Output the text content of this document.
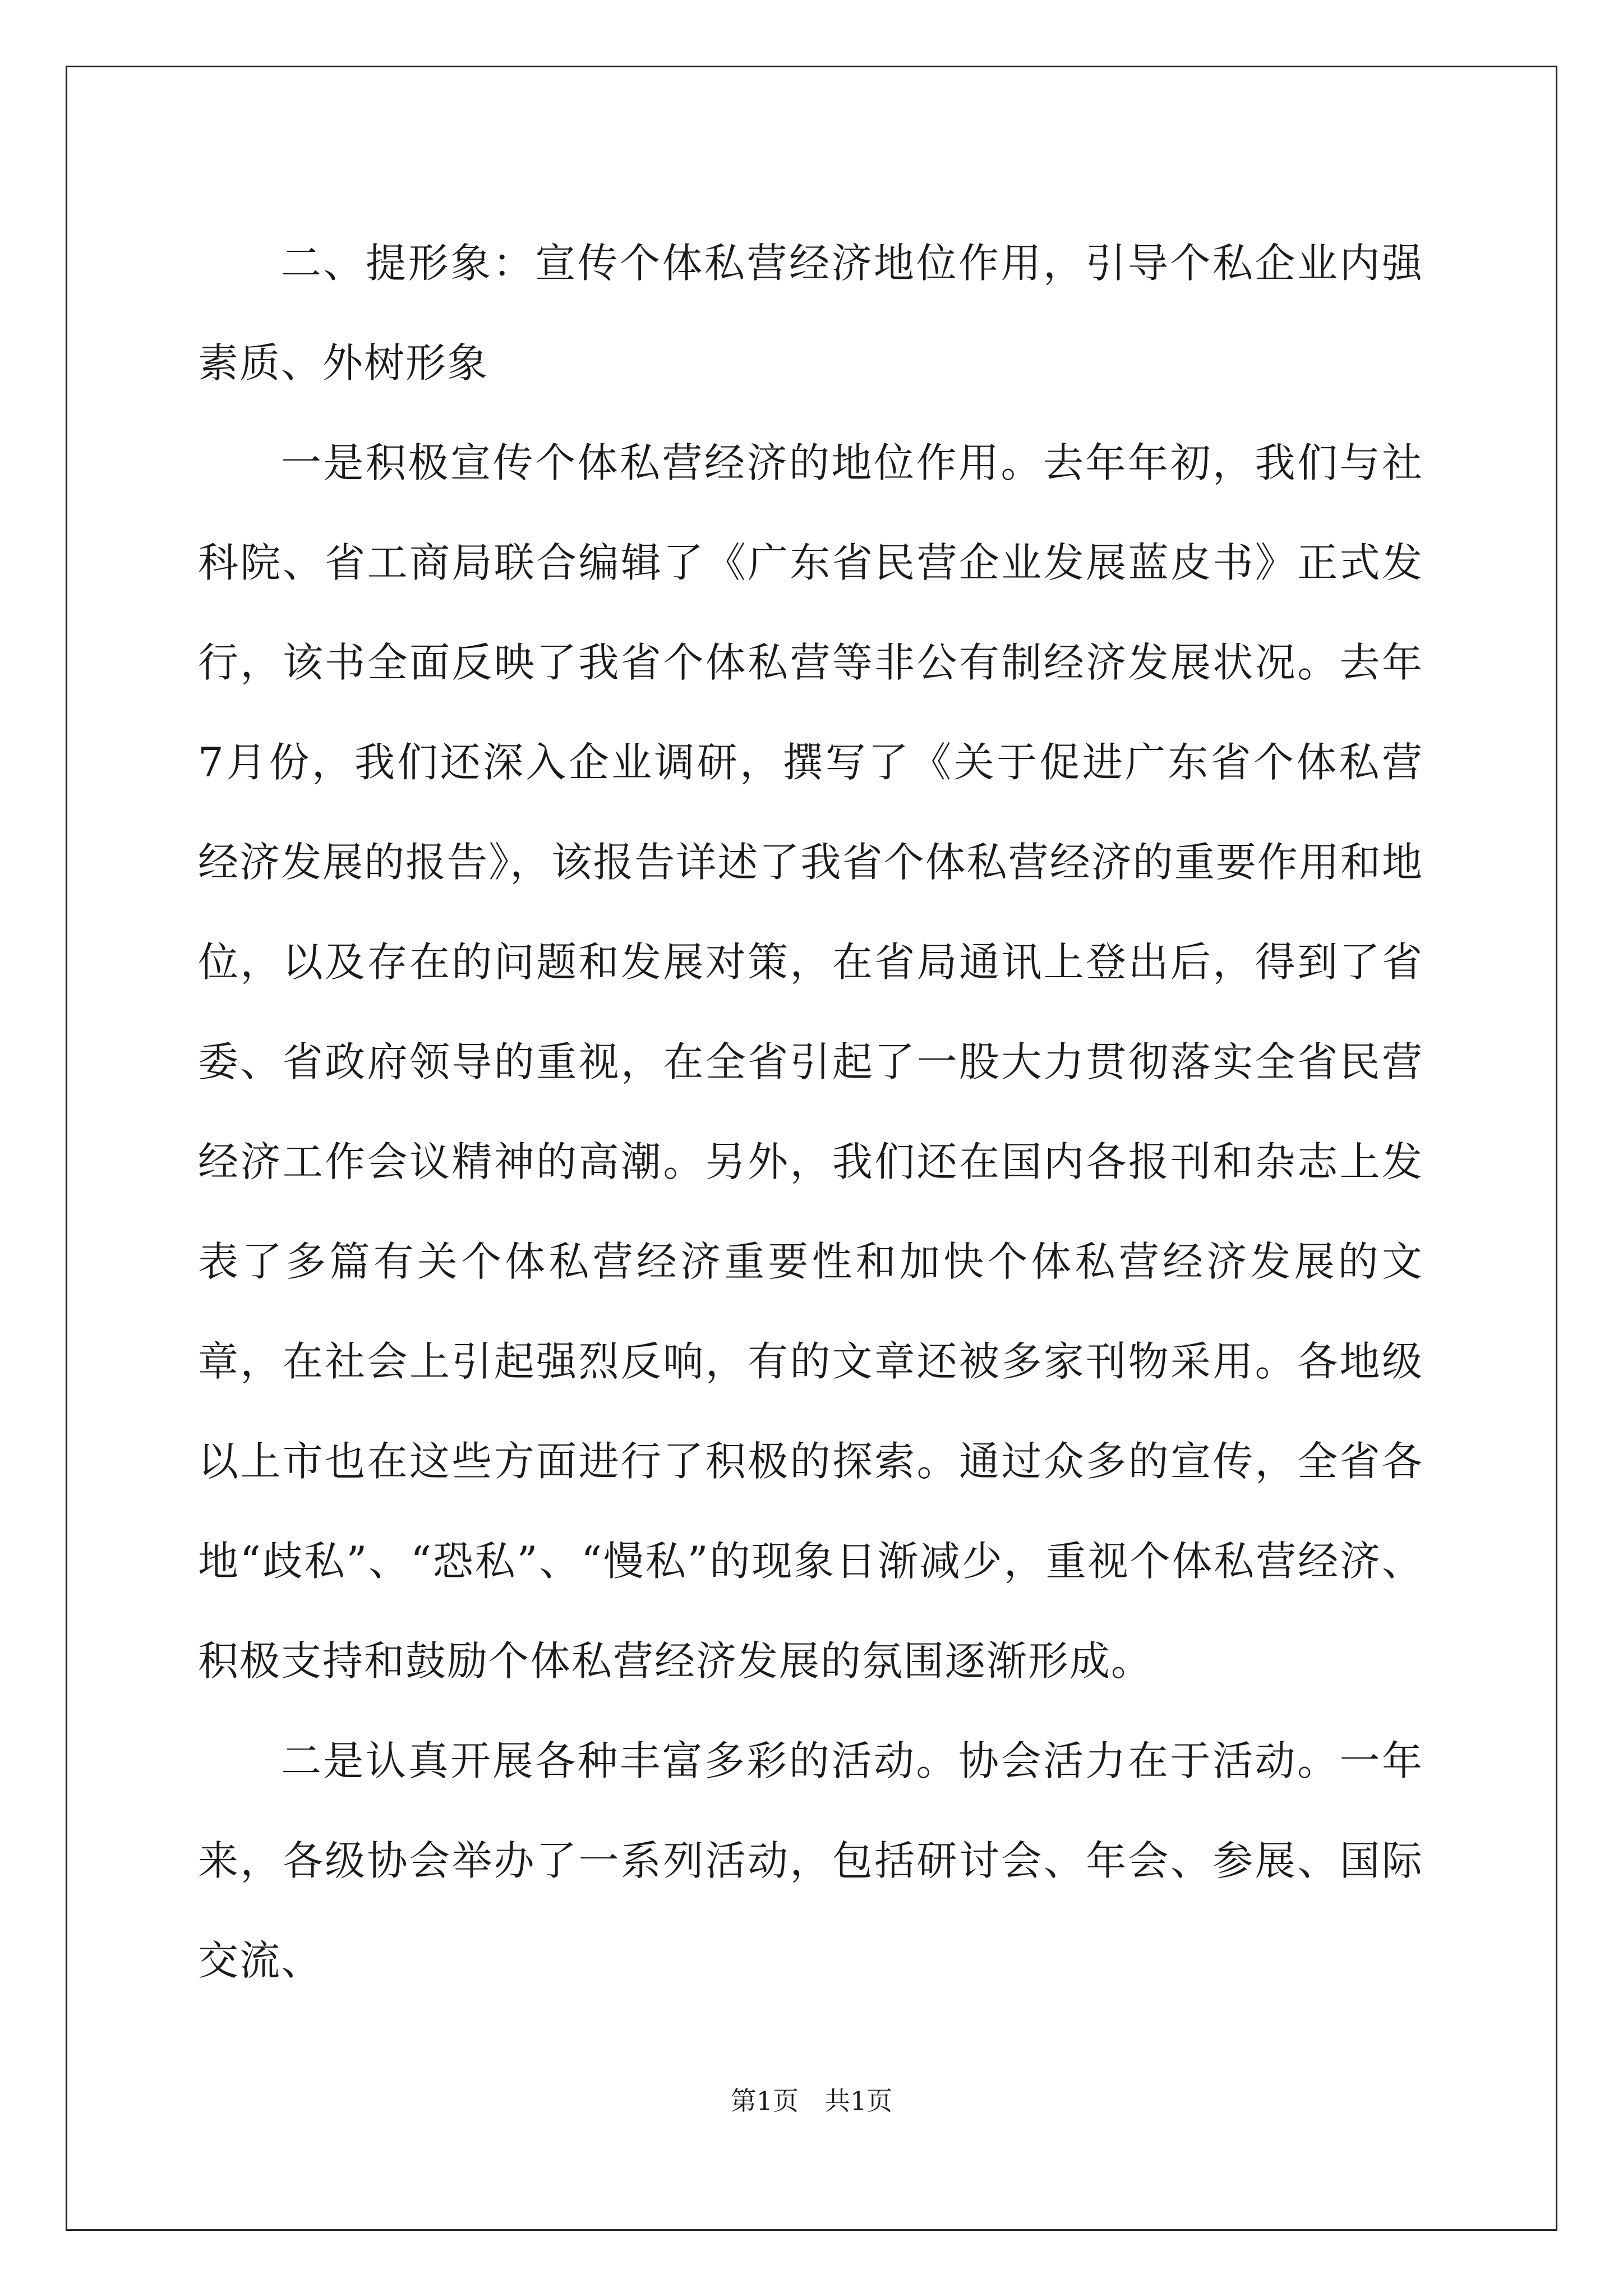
二、提形象：宣传个体私营经济地位作用，引导个私企业内强素质、外树形象

一是积极宣传个体私营经济的地位作用。去年年初，我们与社科院、省工商局联合编辑了《广东省民营企业发展蓝皮书》正式发行，该书全面反映了我省个体私营等非公有制经济发展状况。去年7月份，我们还深入企业调研，撰写了《关于促进广东省个体私营经济发展的报告》，该报告详述了我省个体私营经济的重要作用和地位，以及存在的问题和发展对策，在省局通讯上登出后，得到了省委、省政府领导的重视，在全省引起了一股大力贯彻落实全省民营经济工作会议精神的高潮。另外，我们还在国内各报刊和杂志上发表了多篇有关个体私营经济重要性和加快个体私营经济发展的文章，在社会上引起强烈反响，有的文章还被多家刊物采用。各地级以上市也在这些方面进行了积极的探索。通过众多的宣传，全省各地“歧私”、“恐私”、“慢私”的现象日渐减少，重视个体私营经济、积极支持和鼓励个体私营经济发展的氛围逐渐形成。

二是认真开展各种丰富多彩的活动。协会活力在于活动。一年来，各级协会举办了一系列活动，包括研讨会、年会、参展、国际交流、

第1页　共1页
